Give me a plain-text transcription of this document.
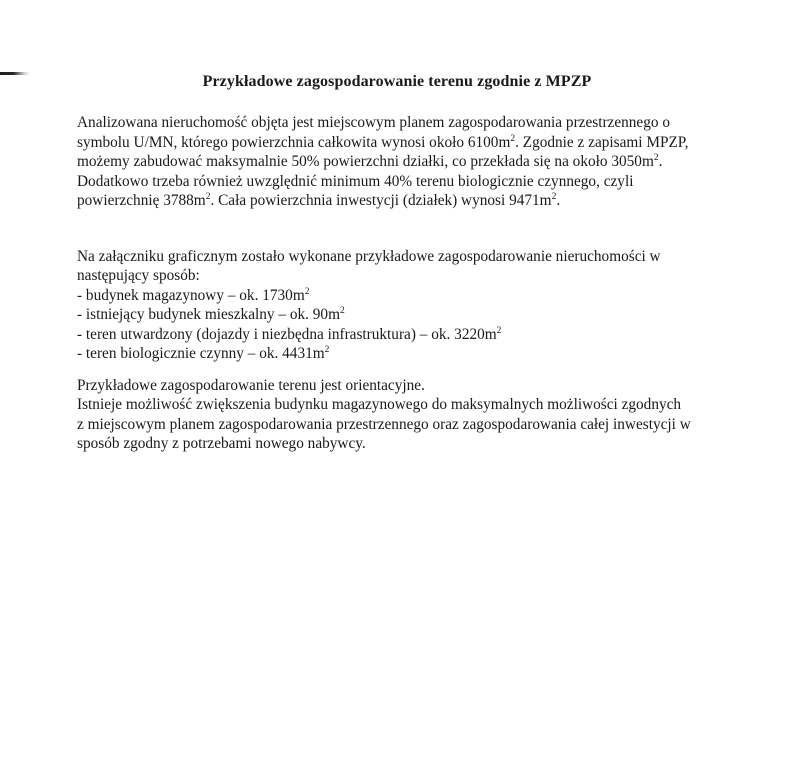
Przykładowe zagospodarowanie terenu zgodnie z MPZP
Analizowana nieruchomość objęta jest miejscowym planem zagospodarowania przestrzennego o
symbolu U/MN, którego powierzchnia całkowita wynosi około $6100m^2$. Zgodnie z zapisami MPZP,
możemy zabudować maksymalnie 50% powierzchni działki, co przekłada się na około $3050m^2$.
Dodatkowo trzeba również uwzględnić minimum 40% terenu biologicznie czynnego, czyli
powierzchnię $3788m^2$. Cała powierzchnia inwestycji (działek) wynosi $9471m^2$.
Na załączniku graficznym zostało wykonane przykładowe zagospodarowanie nieruchomości w
następujący sposób:
- budynek magazynowy – ok. $1730m^2$
- istniejący budynek mieszkalny – ok. $90m^2$
- teren utwardzony (dojazdy i niezbędna infrastruktura) – ok. $3220m^2$
- teren biologicznie czynny – ok. $4431m^2$
Przykładowe zagospodarowanie terenu jest orientacyjne.
Istnieje możliwość zwiększenia budynku magazynowego do maksymalnych możliwości zgodnych
z miejscowym planem zagospodarowania przestrzennego oraz zagospodarowania całej inwestycji w
sposób zgodny z potrzebami nowego nabywcy.
